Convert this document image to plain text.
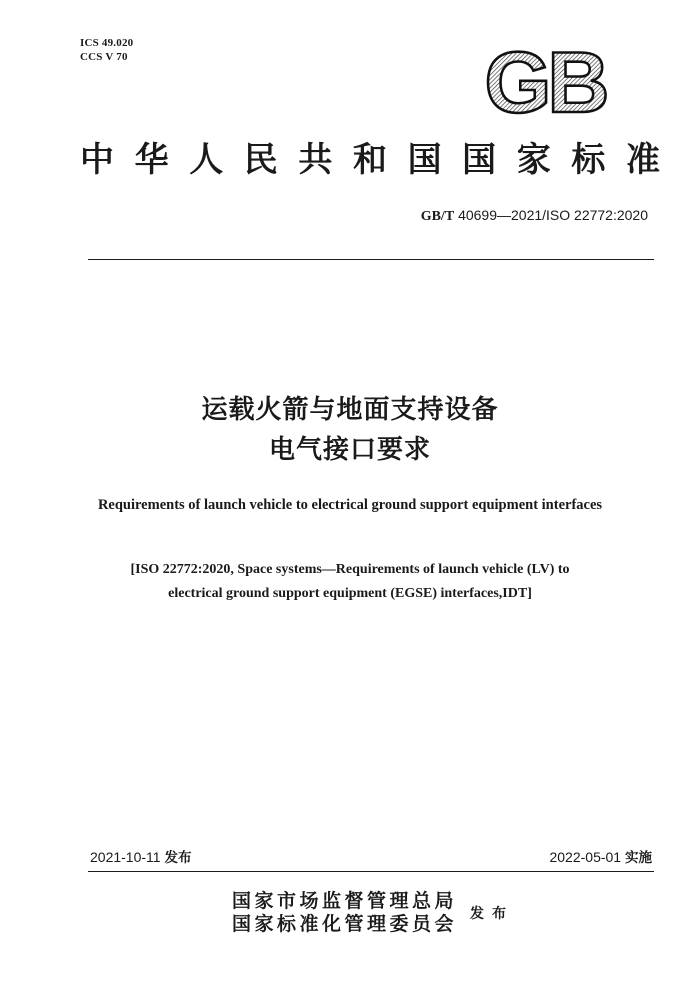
ICS 49.020
CCS V 70	GB
中 华 人 民 共 和 国 国 家 标 准
GB/T 40699—2021/ISO 22772:2020
运载火箭与地面支持设备
电气接口要求
Requirements of launch vehicle to electrical ground support equipment interfaces
[ISO 22772:2020, Space systems—Requirements of launch vehicle (LV) to
electrical ground support equipment (EGSE) interfaces,IDT]
2021-10-11 发布	2022-05-01 实施
国家市场监督管理总局
国家标准化管理委员会 发布
